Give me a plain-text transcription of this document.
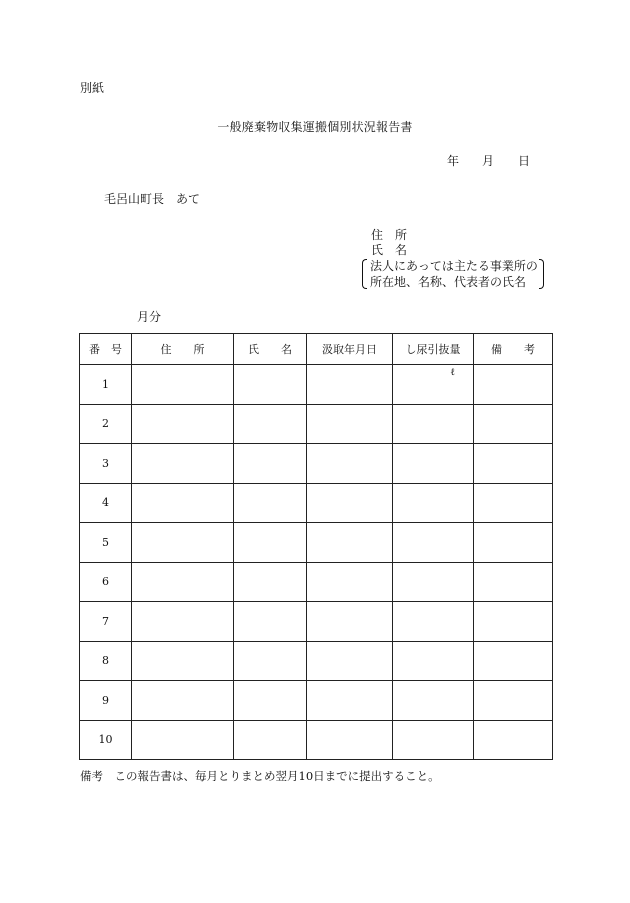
別紙
一般廃棄物収集運搬個別状況報告書
年 月 日
毛呂山町長　あて
住　所
氏　名
法人にあっては主たる事業所の
所在地、名称、代表者の氏名
月分
番　号	住　　所	氏　　名	汲取年月日	し尿引抜量	備　　考
1				ℓ	

2					
3					
4					
5					
6					
7					
8					
9					
10					
備考　この報告書は、毎月とりまとめ翌月10日までに提出すること。
